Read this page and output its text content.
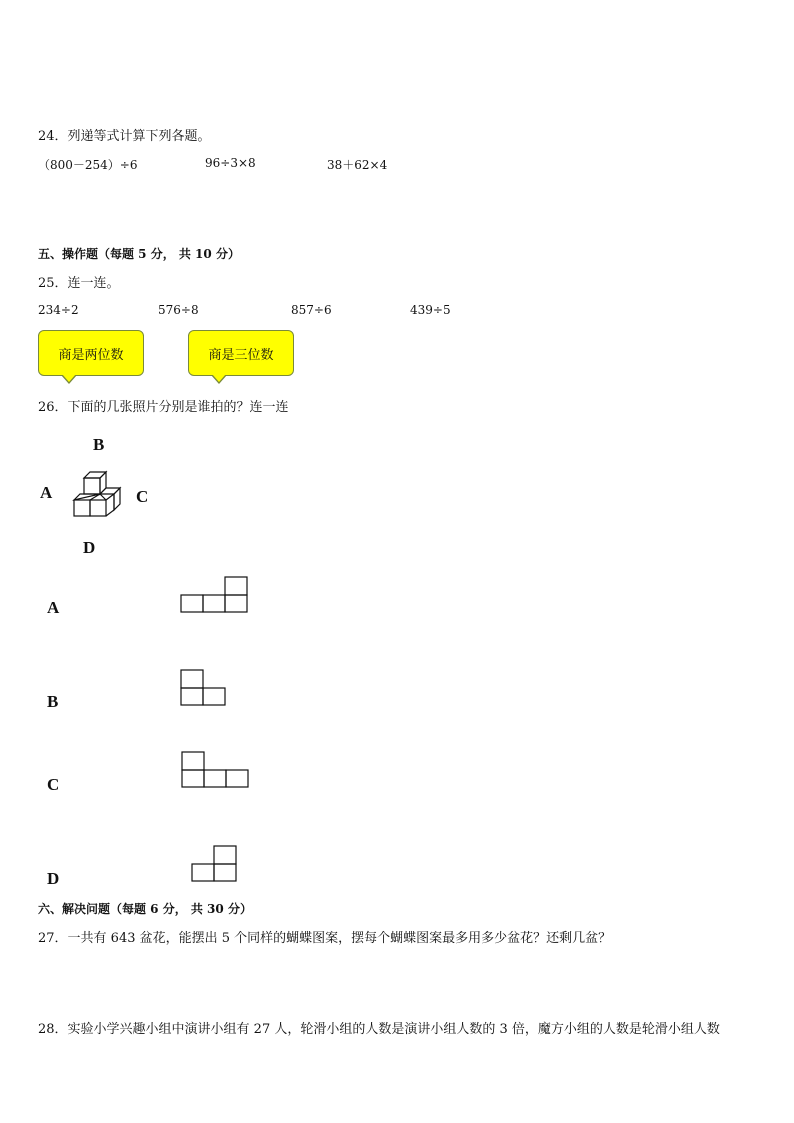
24．列递等式计算下列各题。
（800－254）÷6	96÷3×8	38＋62×4
五、操作题（每题 5 分， 共 10 分）
25．连一连。
234÷2	576÷8	857÷6	439÷5
商是两位数	商是三位数
26．下面的几张照片分别是谁拍的？连一连
B
A	C
D
A
B
C
D
六、解决问题（每题 6 分， 共 30 分）
27．一共有 643 盆花，能摆出 5 个同样的蝴蝶图案，摆每个蝴蝶图案最多用多少盆花？还剩几盆？
28．实验小学兴趣小组中演讲小组有 27 人，轮滑小组的人数是演讲小组人数的 3 倍，魔方小组的人数是轮滑小组人数
